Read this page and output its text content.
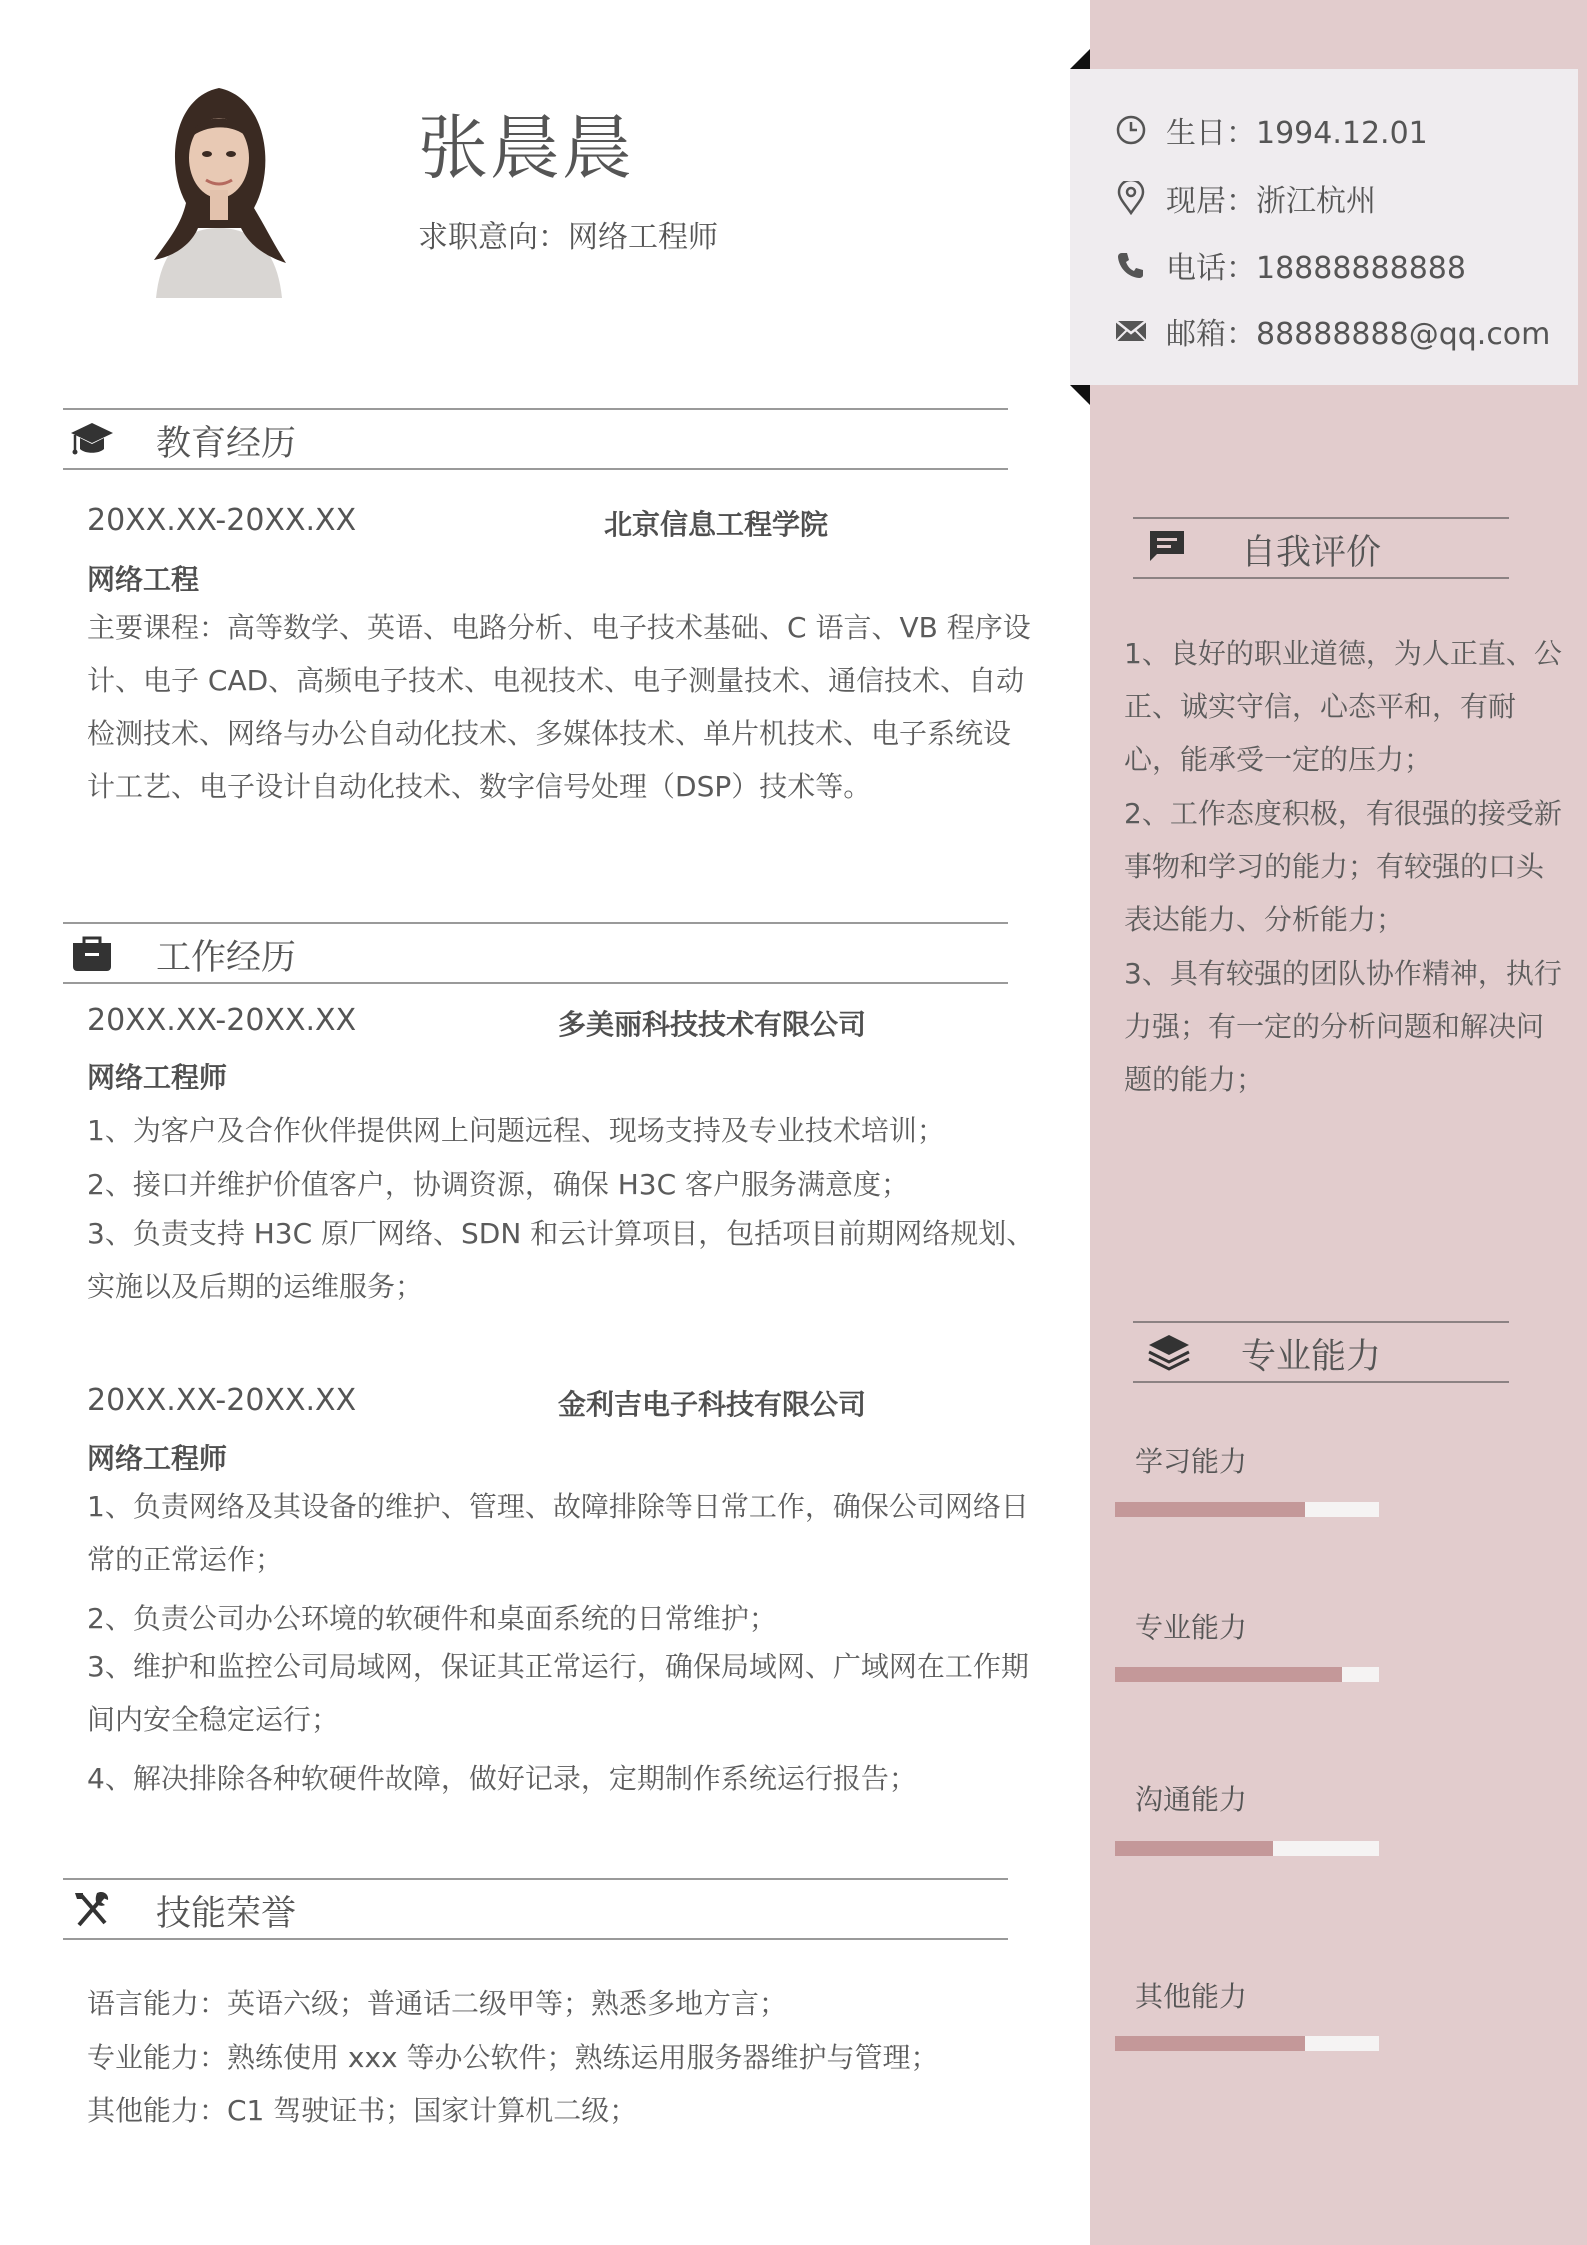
张晨晨
求职意向：网络工程师
生日：1994.12.01
现居：浙江杭州
电话：18888888888
邮箱：88888888@qq.com
教育经历
20XX.XX-20XX.XX	北京信息工程学院
网络工程

主要课程：高等数学、英语、电路分析、电子技术基础、C 语言、VB 程序设计、电子 CAD、高频电子技术、电视技术、电子测量技术、通信技术、自动检测技术、网络与办公自动化技术、多媒体技术、单片机技术、电子系统设计工艺、电子设计自动化技术、数字信号处理（DSP）技术等。

工作经历
20XX.XX-20XX.XX	多美丽科技技术有限公司
网络工程师
1、为客户及合作伙伴提供网上问题远程、现场支持及专业技术培训；
2、接口并维护价值客户，协调资源，确保 H3C 客户服务满意度；

3、负责支持 H3C 原厂网络、SDN 和云计算项目，包括项目前期网络规划、实施以及后期的运维服务；

20XX.XX-20XX.XX	金利吉电子科技有限公司
网络工程师

1、负责网络及其设备的维护、管理、故障排除等日常工作，确保公司网络日常的正常运作；

2、负责公司办公环境的软硬件和桌面系统的日常维护；

3、维护和监控公司局域网，保证其正常运行，确保局域网、广域网在工作期间内安全稳定运行；

4、解决排除各种软硬件故障，做好记录，定期制作系统运行报告；
技能荣誉
语言能力：英语六级；普通话二级甲等；熟悉多地方言；
专业能力：熟练使用 xxx 等办公软件；熟练运用服务器维护与管理；
其他能力：C1 驾驶证书；国家计算机二级；
自我评价

1、良好的职业道德，为人正直、公正、诚实守信，心态平和，有耐心，能承受一定的压力；

2、工作态度积极，有很强的接受新事物和学习的能力；有较强的口头表达能力、分析能力；

3、具有较强的团队协作精神，执行力强；有一定的分析问题和解决问题的能力；

专业能力
学习能力
专业能力
沟通能力
其他能力
